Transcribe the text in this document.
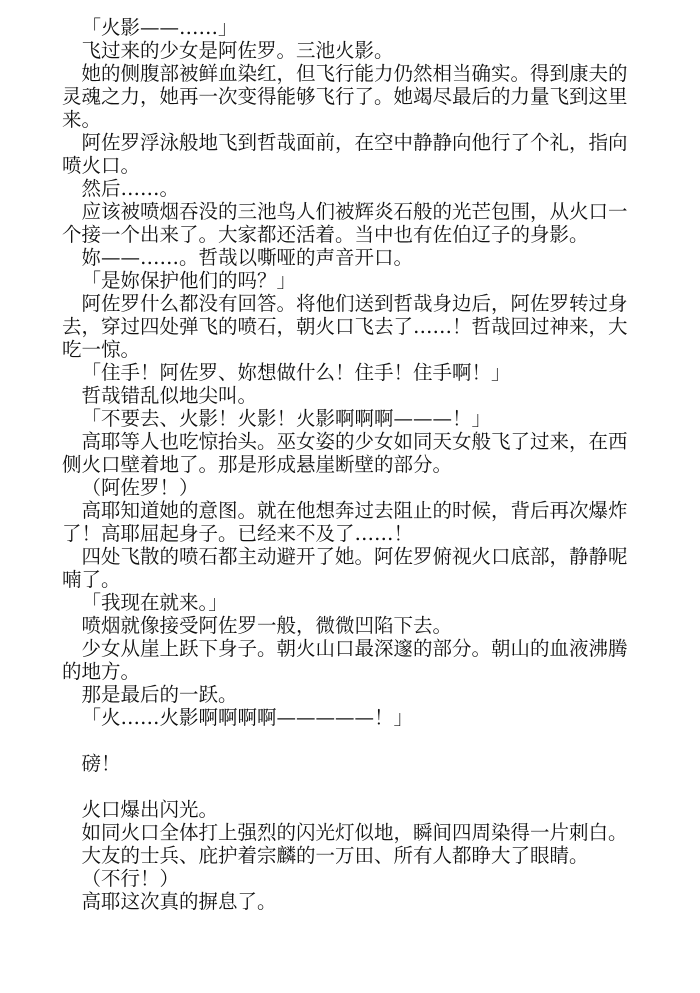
「火影——……」

飞过来的少女是阿佐罗。三池火影。

她的侧腹部被鲜血染红，但飞行能力仍然相当确实。得到康夫的灵魂之力，她再一次变得能够飞行了。她竭尽最后的力量飞到这里来。

阿佐罗浮泳般地飞到哲哉面前，在空中静静向他行了个礼，指向喷火口。

然后……。

应该被喷烟吞没的三池鸟人们被辉炎石般的光芒包围，从火口一个接一个出来了。大家都还活着。当中也有佐伯辽子的身影。

妳——……。哲哉以嘶哑的声音开口。

「是妳保护他们的吗？」

阿佐罗什么都没有回答。将他们送到哲哉身边后，阿佐罗转过身去，穿过四处弹飞的喷石，朝火口飞去了……！哲哉回过神来，大吃一惊。

「住手！阿佐罗、妳想做什么！住手！住手啊！」

哲哉错乱似地尖叫。

「不要去、火影！火影！火影啊啊啊———！」

高耶等人也吃惊抬头。巫女姿的少女如同天女般飞了过来，在西侧火口壁着地了。那是形成悬崖断壁的部分。

（阿佐罗！）

高耶知道她的意图。就在他想奔过去阻止的时候，背后再次爆炸了！高耶屈起身子。已经来不及了……！

四处飞散的喷石都主动避开了她。阿佐罗俯视火口底部，静静呢喃了。

「我现在就来。」

喷烟就像接受阿佐罗一般，微微凹陷下去。

少女从崖上跃下身子。朝火山口最深邃的部分。朝山的血液沸腾的地方。

那是最后的一跃。

「火……火影啊啊啊啊—————！」

磅！

火口爆出闪光。

如同火口全体打上强烈的闪光灯似地，瞬间四周染得一片刺白。

大友的士兵、庇护着宗麟的一万田、所有人都睁大了眼睛。

（不行！）

高耶这次真的摒息了。
